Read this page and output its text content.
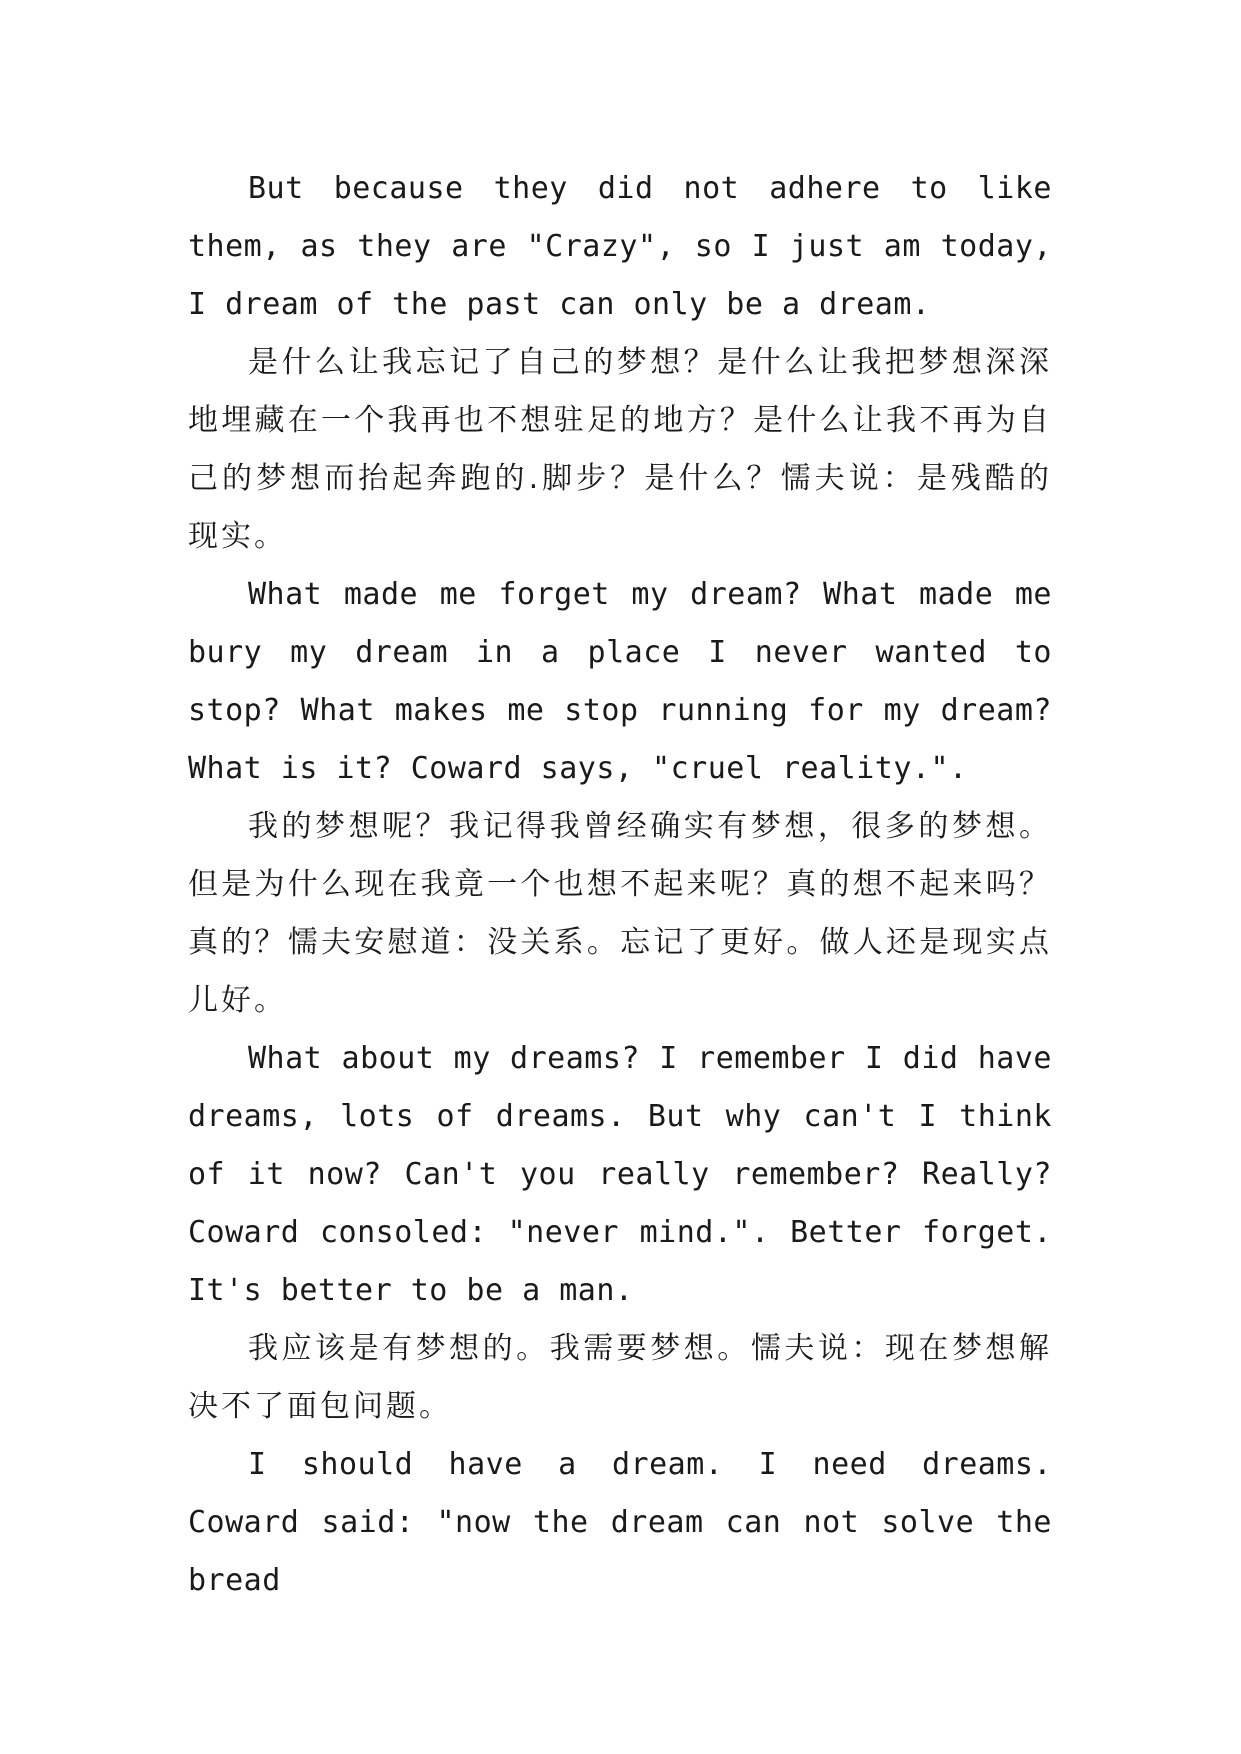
But because they did not adhere to like them, as they are "Crazy", so I just am today, I dream of the past can only be a dream.

是什么让我忘记了自己的梦想？是什么让我把梦想深深地埋藏在一个我再也不想驻足的地方？是什么让我不再为自己的梦想而抬起奔跑的.脚步？是什么？懦夫说：是残酷的现实。

What made me forget my dream? What made me bury my dream in a place I never wanted to stop? What makes me stop running for my dream? What is it? Coward says, "cruel reality.".

我的梦想呢？我记得我曾经确实有梦想，很多的梦想。但是为什么现在我竟一个也想不起来呢？真的想不起来吗？真的？懦夫安慰道：没关系。忘记了更好。做人还是现实点儿好。

What about my dreams? I remember I did have dreams, lots of dreams. But why can't I think of it now? Can't you really remember? Really? Coward consoled: "never mind.". Better forget. It's better to be a man.

我应该是有梦想的。我需要梦想。懦夫说：现在梦想解决不了面包问题。

I should have a dream. I need dreams. Coward said: "now the dream can not solve the bread
